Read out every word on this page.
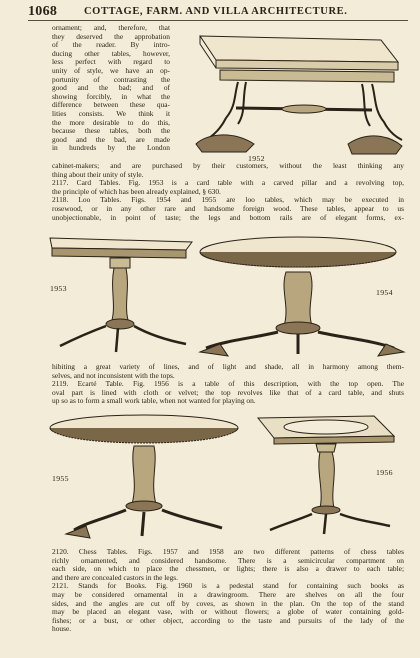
1068	COTTAGE, FARM. AND VILLA ARCHITECTURE.
ornament; and, therefore, that
they deserved the approbation
of the reader. By intro-
ducing other tables, however,
less perfect with regard to
unity of style, we have an op-
portunity of contrasting the
good and the bad; and of
showing forcibly, in what the
difference between these qua-
lities consists. We think it
the more desirable to do this,
because these tables, both the
good and the bad, are made
in hundreds by the London
1952
cabinet-makers; and are purchased by their customers, without the least thinking any
thing about their unity of style.
2117. Card Tables. Fig. 1953 is a card table with a carved pillar and a revolving top,
the principle of which has been already explained, § 630.
2118. Loo Tables. Figs. 1954 and 1955 are loo tables, which may be executed in
rosewood, or in any other rare and handsome foreign wood. These tables, appear to us
unobjectionable, in point of taste; the legs and bottom rails are of elegant forms, ex-
1953	1954
hibiting a great variety of lines, and of light and shade, all in harmony among them-
selves, and not inconsistent with the tops.
2119. Ecarté Table. Fig. 1956 is a table of this description, with the top open. The
oval part is lined with cloth or velvet; the top revolves like that of a card table, and shuts
up so as to form a small work table, when not wanted for playing on.
1955
1956
2120. Chess Tables. Figs. 1957 and 1958 are two different patterns of chess tables
richly ornamented, and considered handsome. There is a semicircular compartment on
each side, on which to place the chessmen, or lights; there is also a drawer to each table;
and there are concealed castors in the legs.
2121. Stands for Books. Fig. 1960 is a pedestal stand for containing such books as
may be considered ornamental in a drawingroom. There are shelves on all the four
sides, and the angles are cut off by coves, as shown in the plan. On the top of the stand
may be placed an elegant vase, with or without flowers; a globe of water containing gold-
fishes; or a bust, or other object, according to the taste and pursuits of the lady of the
house.
